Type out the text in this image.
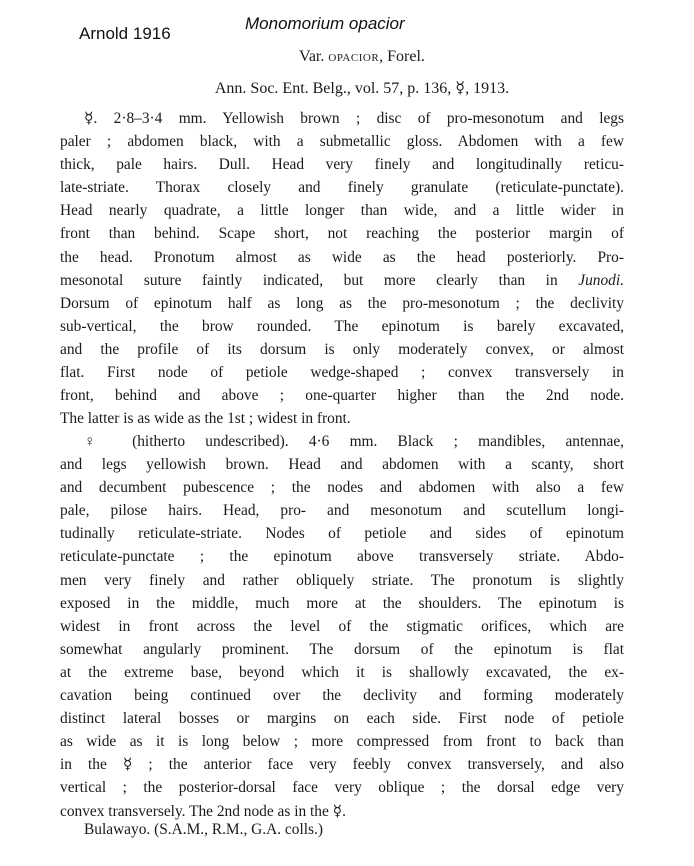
Arnold 1916
Monomorium opacior
Var. opacior, Forel.
Ann. Soc. Ent. Belg., vol. 57, p. 136, ☿, 1913.
☿. 2·8–3·4 mm. Yellowish brown ; disc of pro-mesonotum and legs
paler ; abdomen black, with a submetallic gloss. Abdomen with a few
thick, pale hairs. Dull. Head very finely and longitudinally reticu-
late-striate. Thorax closely and finely granulate (reticulate-punctate).
Head nearly quadrate, a little longer than wide, and a little wider in
front than behind. Scape short, not reaching the posterior margin of
the head. Pronotum almost as wide as the head posteriorly. Pro-
mesonotal suture faintly indicated, but more clearly than in Junodi.
Dorsum of epinotum half as long as the pro-mesonotum ; the declivity
sub-vertical, the brow rounded. The epinotum is barely excavated,
and the profile of its dorsum is only moderately convex, or almost
flat. First node of petiole wedge-shaped ; convex transversely in
front, behind and above ; one-quarter higher than the 2nd node.
The latter is as wide as the 1st ; widest in front.
♀ (hitherto undescribed). 4·6 mm. Black ; mandibles, antennae,
and legs yellowish brown. Head and abdomen with a scanty, short
and decumbent pubescence ; the nodes and abdomen with also a few
pale, pilose hairs. Head, pro- and mesonotum and scutellum longi-
tudinally reticulate-striate. Nodes of petiole and sides of epinotum
reticulate-punctate ; the epinotum above transversely striate. Abdo-
men very finely and rather obliquely striate. The pronotum is slightly
exposed in the middle, much more at the shoulders. The epinotum is
widest in front across the level of the stigmatic orifices, which are
somewhat angularly prominent. The dorsum of the epinotum is flat
at the extreme base, beyond which it is shallowly excavated, the ex-
cavation being continued over the declivity and forming moderately
distinct lateral bosses or margins on each side. First node of petiole
as wide as it is long below ; more compressed from front to back than
in the ☿ ; the anterior face very feebly convex transversely, and also
vertical ; the posterior-dorsal face very oblique ; the dorsal edge very
convex transversely. The 2nd node as in the ☿.
Bulawayo. (S.A.M., R.M., G.A. colls.)
